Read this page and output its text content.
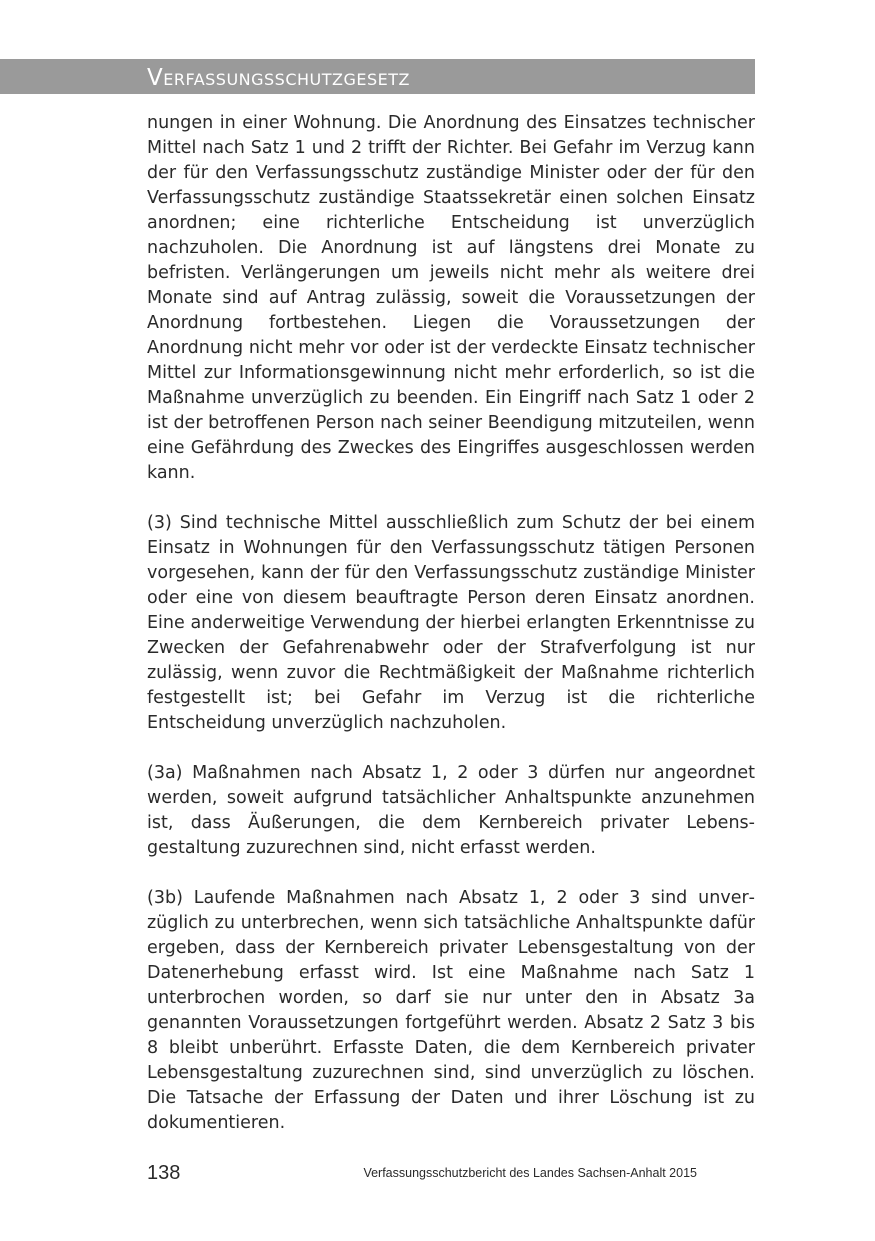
Verfassungsschutzgesetz

nungen in einer Wohnung. Die Anordnung des Einsatzes technischer Mittel nach Satz 1 und 2 trifft der Richter. Bei Gefahr im Verzug kann der für den Verfassungsschutz zuständige Minister oder der für den Verfassungsschutz zuständige Staatssekretär einen solchen Einsatz anordnen; eine richterliche Entscheidung ist unverzüglich nachzuholen. Die Anordnung ist auf längstens drei Monate zu befristen. Verlängerungen um jeweils nicht mehr als weitere drei Monate sind auf Antrag zulässig, soweit die Voraussetzungen der Anordnung fortbestehen. Liegen die Voraussetzungen der Anordnung nicht mehr vor oder ist der verdeckte Einsatz technischer Mittel zur Informationsgewinnung nicht mehr erforderlich, so ist die Maßnahme unverzüglich zu beenden. Ein Eingriff nach Satz 1 oder 2 ist der betroffenen Person nach seiner Beendigung mitzuteilen, wenn eine Gefährdung des Zweckes des Eingriffes ausgeschlossen werden kann.

(3) Sind technische Mittel ausschließlich zum Schutz der bei einem Einsatz in Wohnungen für den Verfassungsschutz tätigen Personen vorgesehen, kann der für den Verfassungsschutz zuständige Minister oder eine von diesem beauftragte Person deren Einsatz anordnen. Eine anderweitige Verwendung der hierbei erlangten Erkenntnisse zu Zwecken der Gefahrenabwehr oder der Strafverfolgung ist nur zulässig, wenn zuvor die Rechtmäßigkeit der Maßnahme richterlich festgestellt ist; bei Gefahr im Verzug ist die richterliche Entscheidung unverzüglich nachzuholen.

(3a) Maßnahmen nach Absatz 1, 2 oder 3 dürfen nur angeordnet werden, soweit aufgrund tatsächlicher Anhaltspunkte anzunehmen ist, dass Äußerungen, die dem Kernbereich privater Lebensgestaltung zuzurechnen sind, nicht erfasst werden.

(3b) Laufende Maßnahmen nach Absatz 1, 2 oder 3 sind unverzüglich zu unterbrechen, wenn sich tatsächliche Anhaltspunkte dafür ergeben, dass der Kernbereich privater Lebensgestaltung von der Datenerhebung erfasst wird. Ist eine Maßnahme nach Satz 1 unterbrochen worden, so darf sie nur unter den in Absatz 3a genannten Voraussetzungen fortgeführt werden. Absatz 2 Satz 3 bis 8 bleibt unberührt. Erfasste Daten, die dem Kernbereich privater Lebensgestaltung zuzurechnen sind, sind unverzüglich zu löschen. Die Tatsache der Erfassung der Daten und ihrer Löschung ist zu dokumentieren.

138	Verfassungsschutzbericht des Landes Sachsen-Anhalt 2015
